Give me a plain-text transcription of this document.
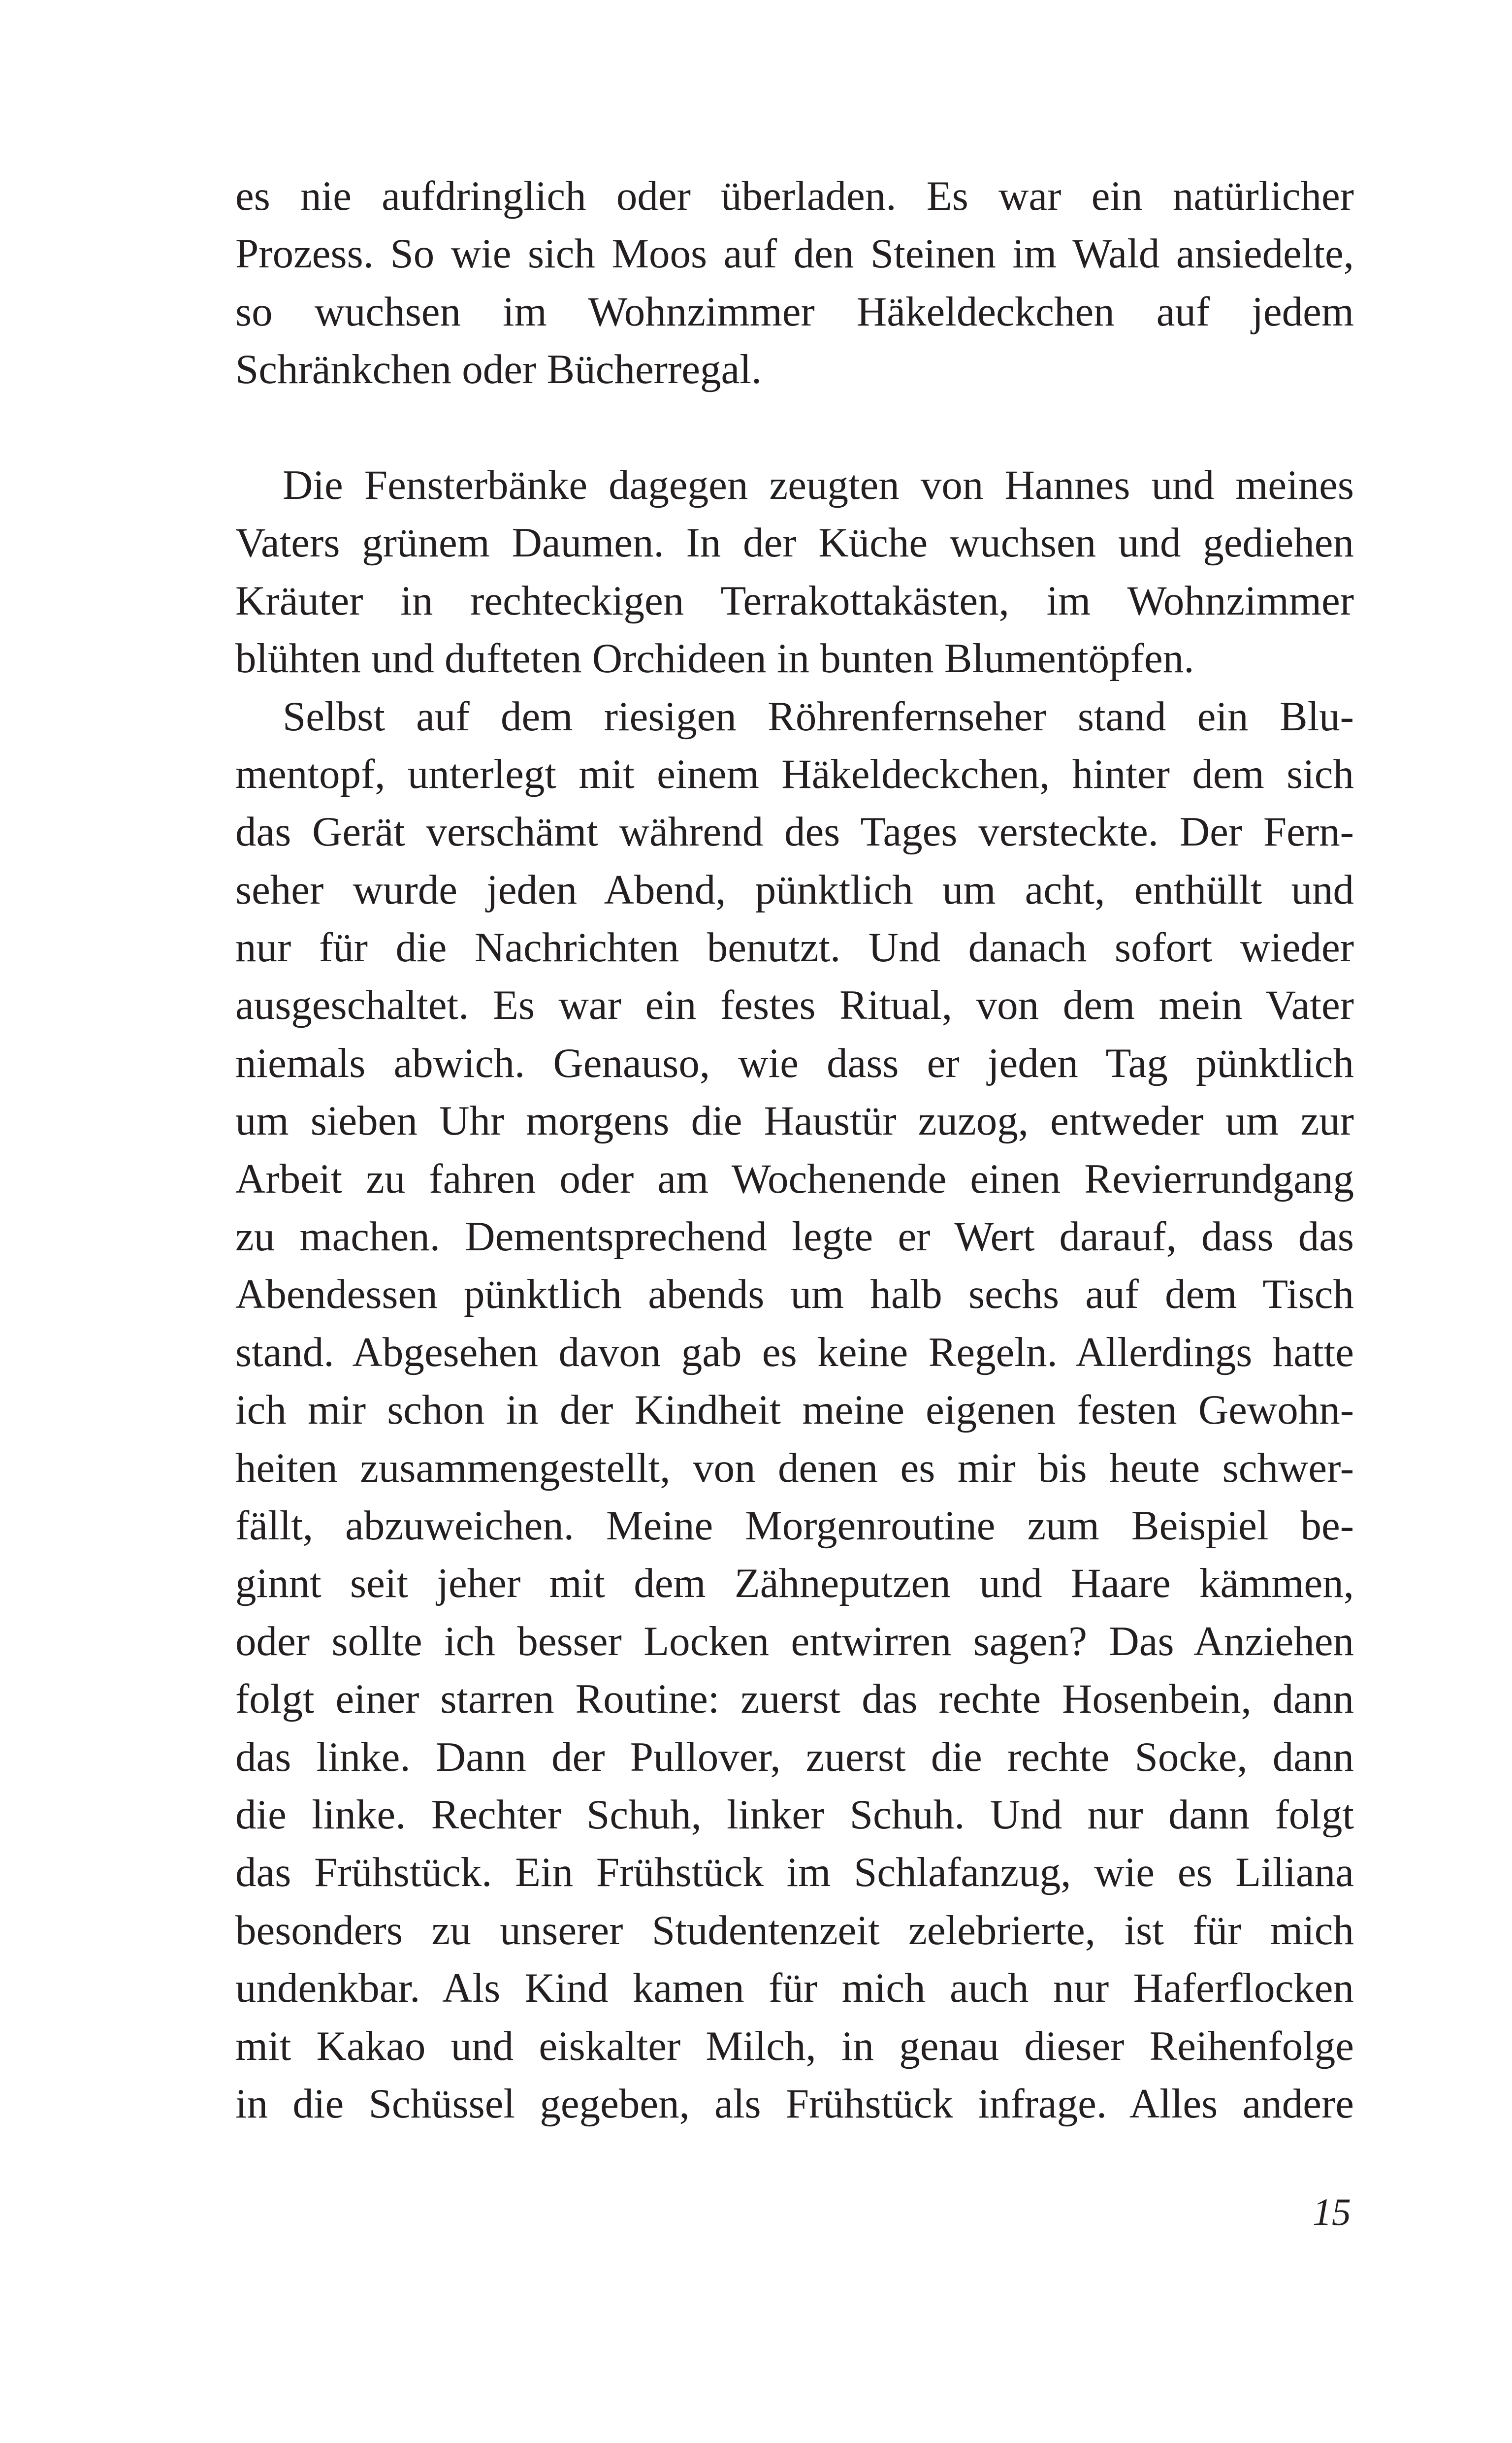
es nie aufdringlich oder überladen. Es war ein natürlicher
Prozess. So wie sich Moos auf den Steinen im Wald ansiedelte,
so wuchsen im Wohnzimmer Häkeldeckchen auf jedem
Schränkchen oder Bücherregal.
Die Fensterbänke dagegen zeugten von Hannes und meines
Vaters grünem Daumen. In der Küche wuchsen und gediehen
Kräuter in rechteckigen Terrakottakästen, im Wohnzimmer
blühten und dufteten Orchideen in bunten Blumentöpfen.
Selbst auf dem riesigen Röhrenfernseher stand ein Blu-
mentopf, unterlegt mit einem Häkeldeckchen, hinter dem sich
das Gerät verschämt während des Tages versteckte. Der Fern-
seher wurde jeden Abend, pünktlich um acht, enthüllt und
nur für die Nachrichten benutzt. Und danach sofort wieder
ausgeschaltet. Es war ein festes Ritual, von dem mein Vater
niemals abwich. Genauso, wie dass er jeden Tag pünktlich
um sieben Uhr morgens die Haustür zuzog, entweder um zur
Arbeit zu fahren oder am Wochenende einen Revierrundgang
zu machen. Dementsprechend legte er Wert darauf, dass das
Abendessen pünktlich abends um halb sechs auf dem Tisch
stand. Abgesehen davon gab es keine Regeln. Allerdings hatte
ich mir schon in der Kindheit meine eigenen festen Gewohn-
heiten zusammengestellt, von denen es mir bis heute schwer-
fällt, abzuweichen. Meine Morgenroutine zum Beispiel be-
ginnt seit jeher mit dem Zähneputzen und Haare kämmen,
oder sollte ich besser Locken entwirren sagen? Das Anziehen
folgt einer starren Routine: zuerst das rechte Hosenbein, dann
das linke. Dann der Pullover, zuerst die rechte Socke, dann
die linke. Rechter Schuh, linker Schuh. Und nur dann folgt
das Frühstück. Ein Frühstück im Schlafanzug, wie es Liliana
besonders zu unserer Studentenzeit zelebrierte, ist für mich
undenkbar. Als Kind kamen für mich auch nur Haferflocken
mit Kakao und eiskalter Milch, in genau dieser Reihenfolge
in die Schüssel gegeben, als Frühstück infrage. Alles andere
15
